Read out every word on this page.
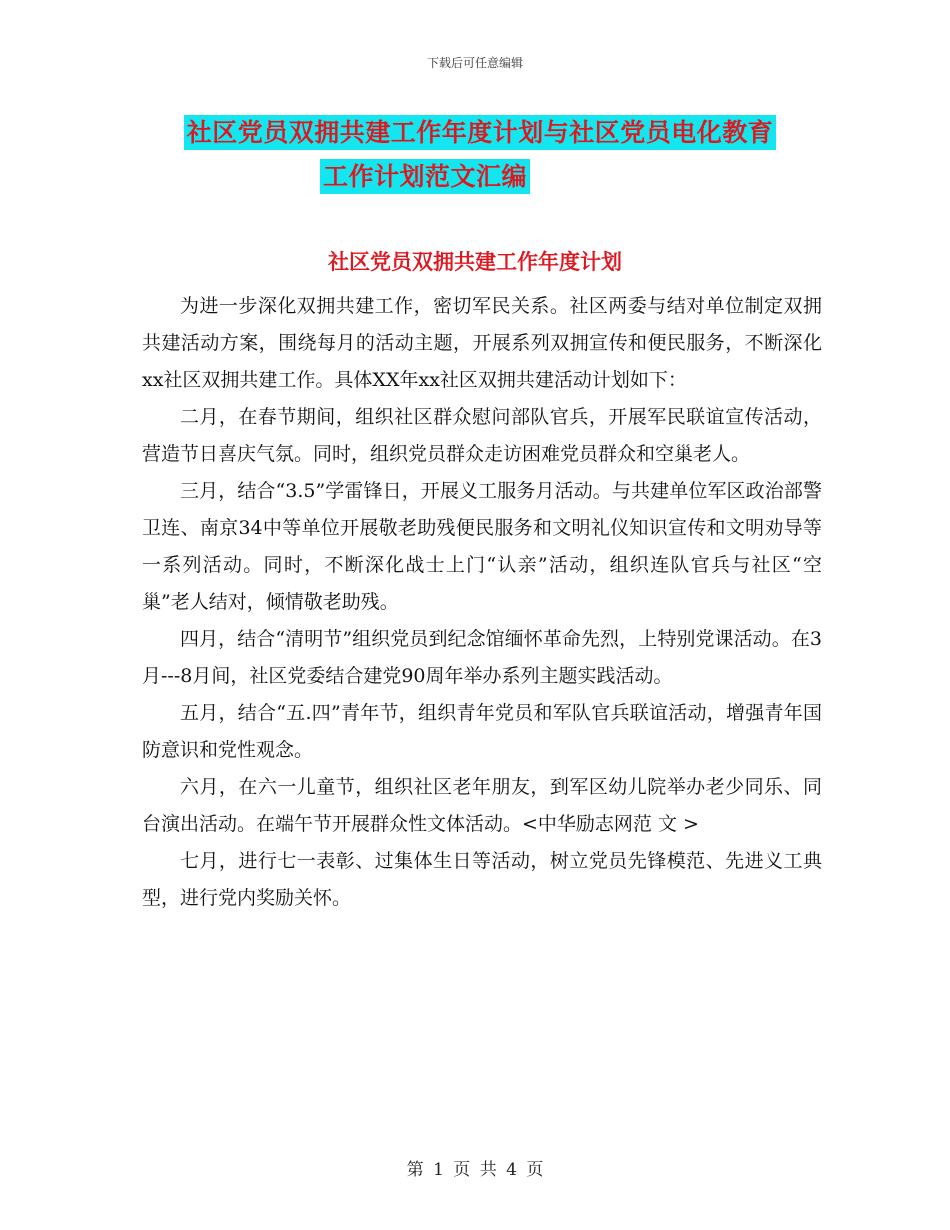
下载后可任意编辑
社区党员双拥共建工作年度计划与社区党员电化教育
工作计划范文汇编
社区党员双拥共建工作年度计划

为进一步深化双拥共建工作，密切军民关系。社区两委与结对单位制定双拥共建活动方案，围绕每月的活动主题，开展系列双拥宣传和便民服务，不断深化xx社区双拥共建工作。具体XX年xx社区双拥共建活动计划如下：

二月，在春节期间，组织社区群众慰问部队官兵，开展军民联谊宣传活动，营造节日喜庆气氛。同时，组织党员群众走访困难党员群众和空巢老人。

三月，结合“3.5”学雷锋日，开展义工服务月活动。与共建单位军区政治部警卫连、南京34中等单位开展敬老助残便民服务和文明礼仪知识宣传和文明劝导等一系列活动。同时，不断深化战士上门“认亲”活动，组织连队官兵与社区“空巢”老人结对，倾情敬老助残。

四月，结合“清明节”组织党员到纪念馆缅怀革命先烈，上特别党课活动。在3月---8月间，社区党委结合建党90周年举办系列主题实践活动。

五月，结合“五.四”青年节，组织青年党员和军队官兵联谊活动，增强青年国防意识和党性观念。

六月，在六一儿童节，组织社区老年朋友，到军区幼儿院举办老少同乐、同台演出活动。在端午节开展群众性文体活动。<中华励志网范 文 >

七月，进行七一表彰、过集体生日等活动，树立党员先锋模范、先进义工典型，进行党内奖励关怀。

第 1 页 共 4 页
